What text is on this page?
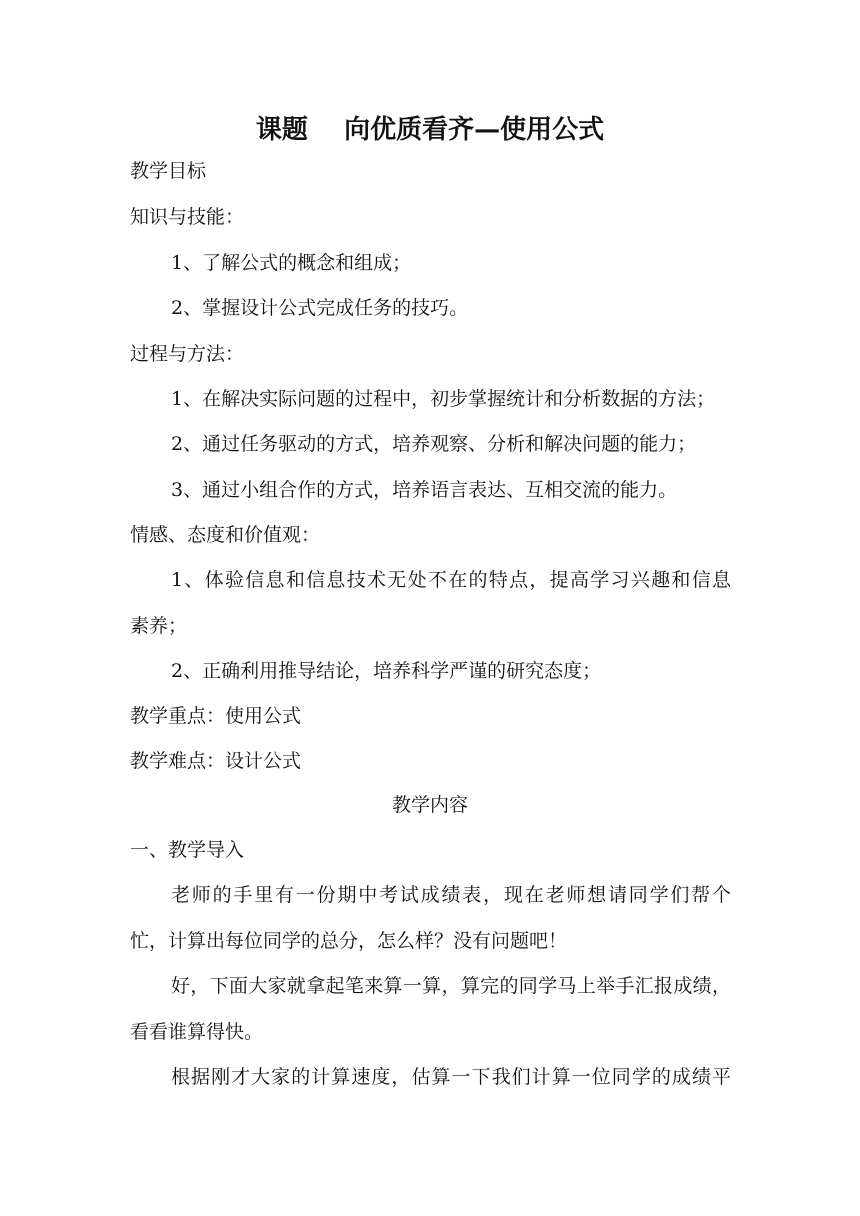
课题    向优质看齐—使用公式
教学目标
知识与技能：
1、了解公式的概念和组成；
2、掌握设计公式完成任务的技巧。
过程与方法：
1、在解决实际问题的过程中，初步掌握统计和分析数据的方法；
2、通过任务驱动的方式，培养观察、分析和解决问题的能力；
3、通过小组合作的方式，培养语言表达、互相交流的能力。
情感、态度和价值观：
1、体验信息和信息技术无处不在的特点，提高学习兴趣和信息
素养；
2、正确利用推导结论，培养科学严谨的研究态度；
教学重点：使用公式
教学难点：设计公式
教学内容
一、教学导入
老师的手里有一份期中考试成绩表，现在老师想请同学们帮个
忙，计算出每位同学的总分，怎么样？没有问题吧！
好，下面大家就拿起笔来算一算，算完的同学马上举手汇报成绩，
看看谁算得快。
根据刚才大家的计算速度，估算一下我们计算一位同学的成绩平
